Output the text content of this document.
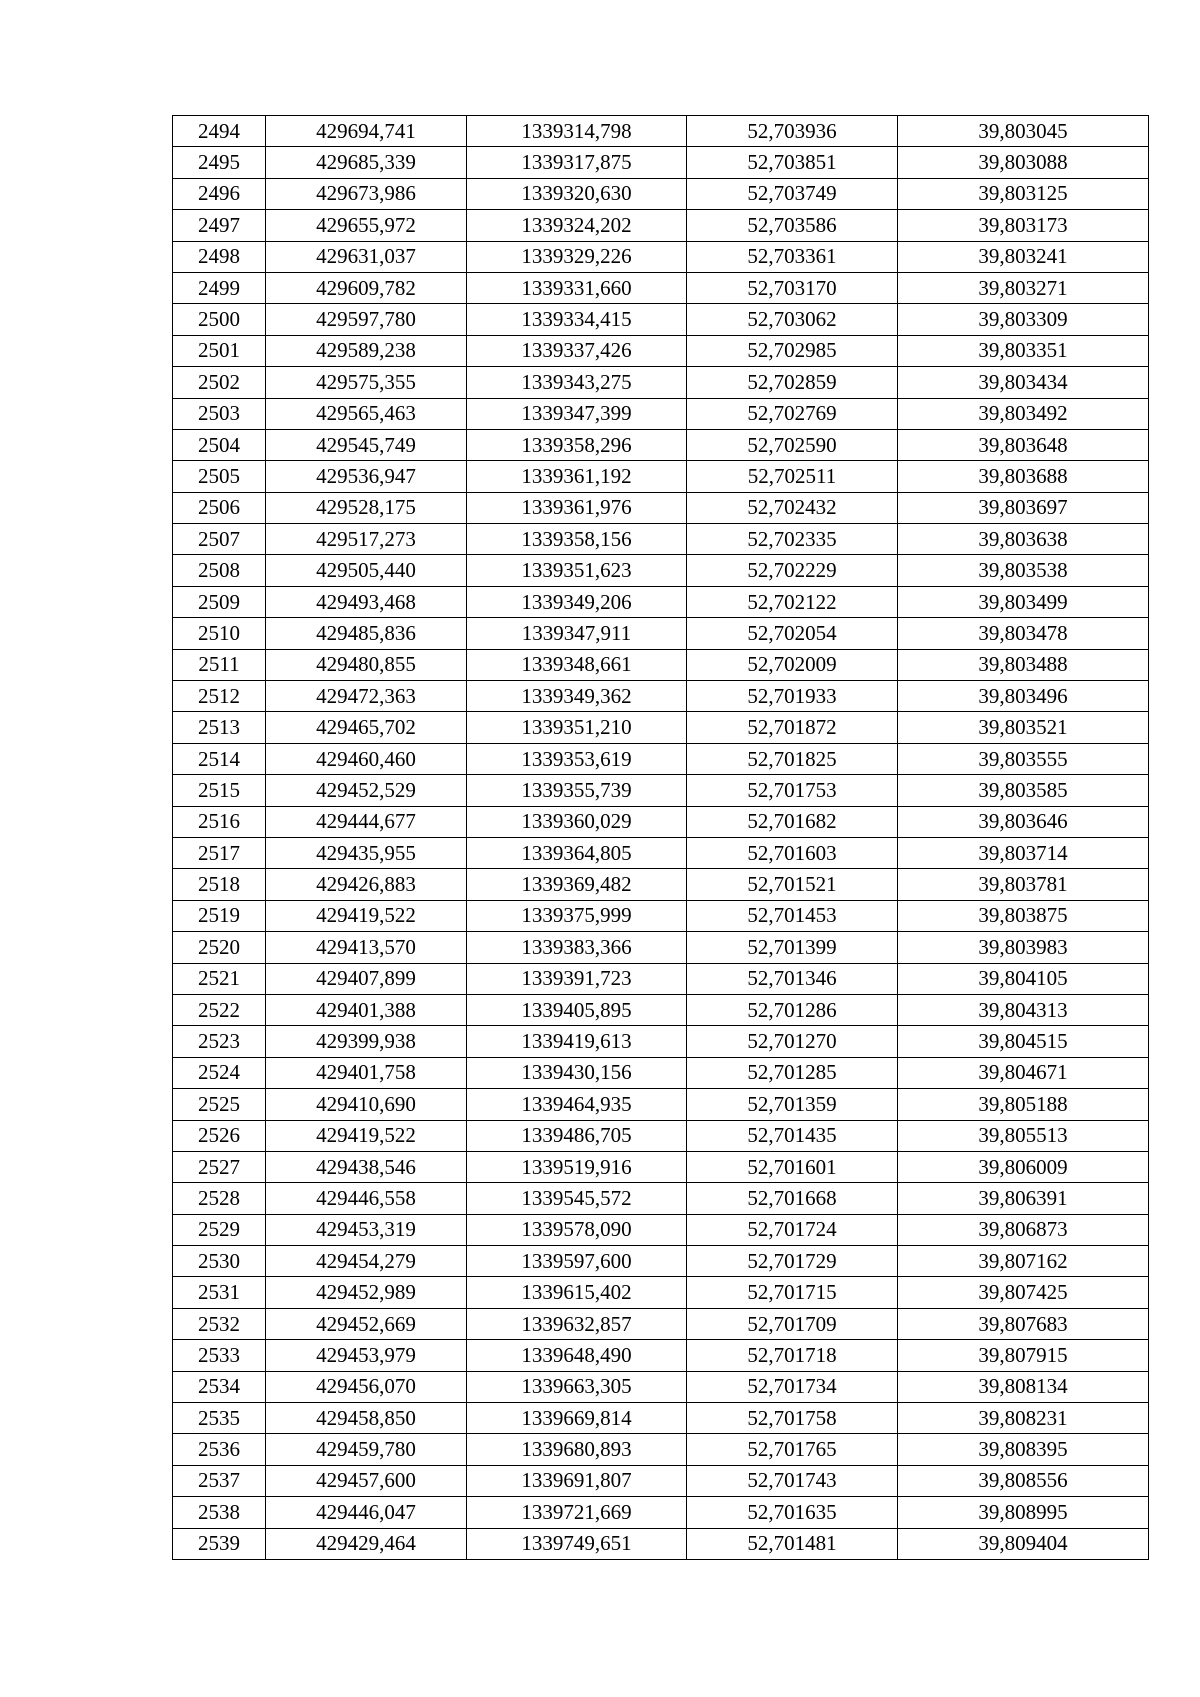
2494	429694,741	1339314,798	52,703936	39,803045
2495	429685,339	1339317,875	52,703851	39,803088
2496	429673,986	1339320,630	52,703749	39,803125
2497	429655,972	1339324,202	52,703586	39,803173
2498	429631,037	1339329,226	52,703361	39,803241
2499	429609,782	1339331,660	52,703170	39,803271
2500	429597,780	1339334,415	52,703062	39,803309
2501	429589,238	1339337,426	52,702985	39,803351
2502	429575,355	1339343,275	52,702859	39,803434
2503	429565,463	1339347,399	52,702769	39,803492
2504	429545,749	1339358,296	52,702590	39,803648
2505	429536,947	1339361,192	52,702511	39,803688
2506	429528,175	1339361,976	52,702432	39,803697
2507	429517,273	1339358,156	52,702335	39,803638
2508	429505,440	1339351,623	52,702229	39,803538
2509	429493,468	1339349,206	52,702122	39,803499
2510	429485,836	1339347,911	52,702054	39,803478
2511	429480,855	1339348,661	52,702009	39,803488
2512	429472,363	1339349,362	52,701933	39,803496
2513	429465,702	1339351,210	52,701872	39,803521
2514	429460,460	1339353,619	52,701825	39,803555
2515	429452,529	1339355,739	52,701753	39,803585
2516	429444,677	1339360,029	52,701682	39,803646
2517	429435,955	1339364,805	52,701603	39,803714
2518	429426,883	1339369,482	52,701521	39,803781
2519	429419,522	1339375,999	52,701453	39,803875
2520	429413,570	1339383,366	52,701399	39,803983
2521	429407,899	1339391,723	52,701346	39,804105
2522	429401,388	1339405,895	52,701286	39,804313
2523	429399,938	1339419,613	52,701270	39,804515
2524	429401,758	1339430,156	52,701285	39,804671
2525	429410,690	1339464,935	52,701359	39,805188
2526	429419,522	1339486,705	52,701435	39,805513
2527	429438,546	1339519,916	52,701601	39,806009
2528	429446,558	1339545,572	52,701668	39,806391
2529	429453,319	1339578,090	52,701724	39,806873
2530	429454,279	1339597,600	52,701729	39,807162
2531	429452,989	1339615,402	52,701715	39,807425
2532	429452,669	1339632,857	52,701709	39,807683
2533	429453,979	1339648,490	52,701718	39,807915
2534	429456,070	1339663,305	52,701734	39,808134
2535	429458,850	1339669,814	52,701758	39,808231
2536	429459,780	1339680,893	52,701765	39,808395
2537	429457,600	1339691,807	52,701743	39,808556
2538	429446,047	1339721,669	52,701635	39,808995
2539	429429,464	1339749,651	52,701481	39,809404
